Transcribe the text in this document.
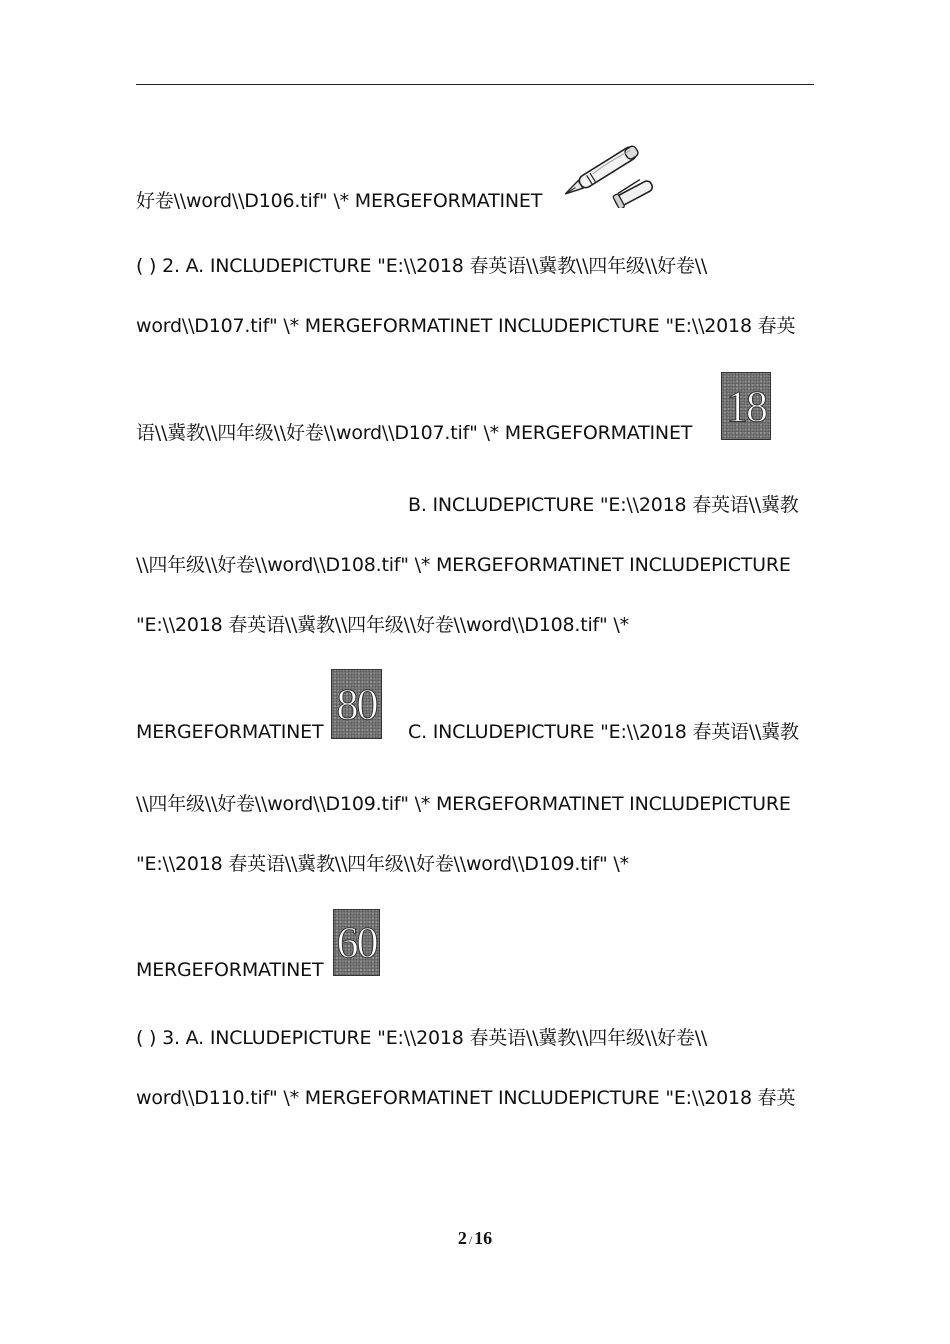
好卷\\word\\D106.tif" \* MERGEFORMATINET
( ) 2. A. INCLUDEPICTURE "E:\\2018 春英语\\冀教\\四年级\\好卷\\
word\\D107.tif" \* MERGEFORMATINET INCLUDEPICTURE "E:\\2018 春英
语\\冀教\\四年级\\好卷\\word\\D107.tif" \* MERGEFORMATINET
18
B. INCLUDEPICTURE "E:\\2018 春英语\\冀教
\\四年级\\好卷\\word\\D108.tif" \* MERGEFORMATINET INCLUDEPICTURE
"E:\\2018 春英语\\冀教\\四年级\\好卷\\word\\D108.tif" \*
MERGEFORMATINET
80
C. INCLUDEPICTURE "E:\\2018 春英语\\冀教
\\四年级\\好卷\\word\\D109.tif" \* MERGEFORMATINET INCLUDEPICTURE
"E:\\2018 春英语\\冀教\\四年级\\好卷\\word\\D109.tif" \*
MERGEFORMATINET
60
( ) 3. A. INCLUDEPICTURE "E:\\2018 春英语\\冀教\\四年级\\好卷\\
word\\D110.tif" \* MERGEFORMATINET INCLUDEPICTURE "E:\\2018 春英
2 / 16
